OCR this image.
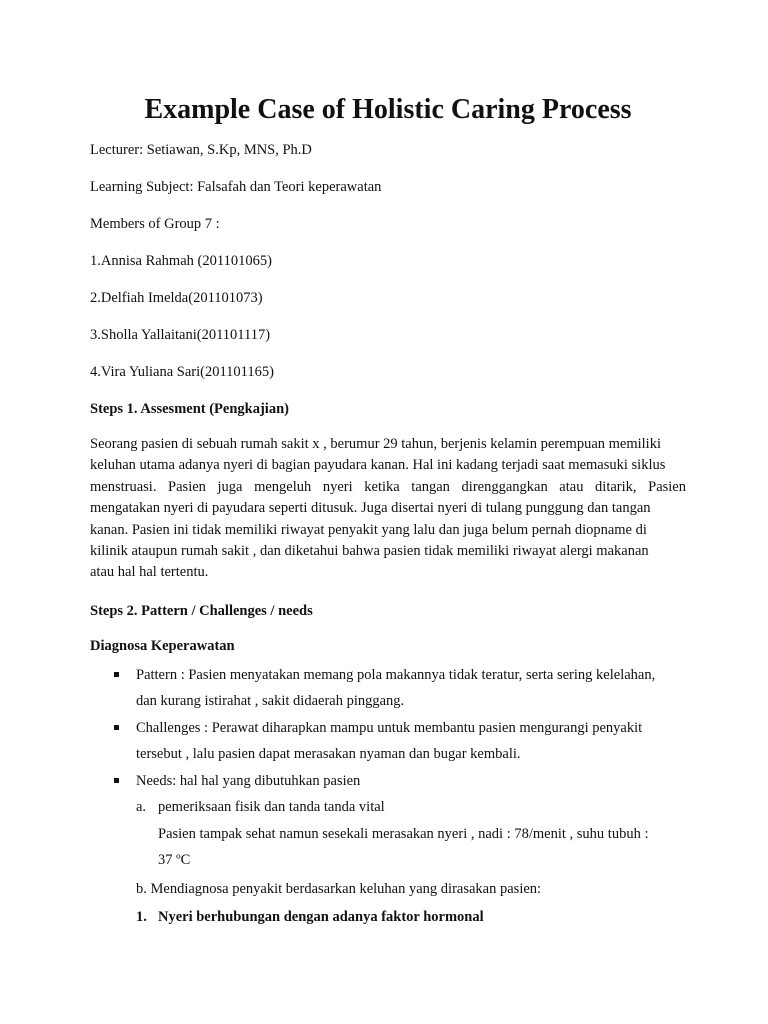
Example Case of Holistic Caring Process

Lecturer: Setiawan, S.Kp, MNS, Ph.D

Learning Subject: Falsafah dan Teori keperawatan

Members of Group 7 :

1.Annisa Rahmah (201101065)

2.Delfiah Imelda(201101073)

3.Sholla Yallaitani(201101117)

4.Vira Yuliana Sari(201101165)

Steps 1. Assesment (Pengkajian)

Seorang pasien di sebuah rumah sakit x , berumur 29 tahun, berjenis kelamin perempuan memiliki
keluhan utama adanya nyeri di bagian payudara kanan. Hal ini kadang terjadi saat memasuki siklus
menstruasi. Pasien juga mengeluh nyeri ketika tangan direnggangkan atau ditarik, Pasien
mengatakan nyeri di payudara seperti ditusuk. Juga disertai nyeri di tulang punggung dan tangan
kanan. Pasien ini tidak memiliki riwayat penyakit yang lalu dan juga belum pernah diopname di
kilinik ataupun rumah sakit , dan diketahui bahwa pasien tidak memiliki riwayat alergi makanan
atau hal hal tertentu.

Steps 2. Pattern / Challenges / needs

Diagnosa Keperawatan

Pattern : Pasien menyatakan memang pola makannya tidak teratur, serta sering kelelahan,
dan kurang istirahat , sakit didaerah pinggang.
Challenges : Perawat diharapkan mampu untuk membantu pasien mengurangi penyakit
tersebut , lalu pasien dapat merasakan nyaman dan bugar kembali.
Needs: hal hal yang dibutuhkan pasien

a. pemeriksaan fisik dan tanda tanda vital

Pasien tampak sehat namun sesekali merasakan nyeri , nadi : 78/menit , suhu tubuh :

37 ºC

b. Mendiagnosa penyakit berdasarkan keluhan yang dirasakan pasien:

1. Nyeri berhubungan dengan adanya faktor hormonal
